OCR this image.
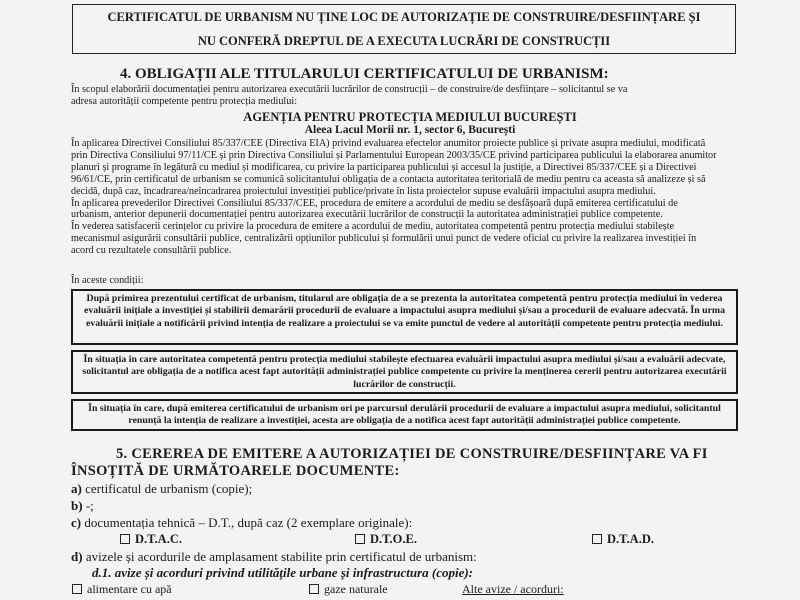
CERTIFICATUL DE URBANISM NU ȚINE LOC DE AUTORIZAȚIE DE CONSTRUIRE/DESFIINȚARE ȘI
NU CONFERĂ DREPTUL DE A EXECUTA LUCRĂRI DE CONSTRUCȚII
4. OBLIGAȚII ALE TITULARULUI CERTIFICATULUI DE URBANISM:
În scopul elaborării documentației pentru autorizarea executării lucrărilor de construcții – de construire/de desființare – solicitantul se va
adresa autorității competente pentru protecția mediului:
AGENȚIA PENTRU PROTECȚIA MEDIULUI BUCUREȘTI
Aleea Lacul Morii nr. 1, sector 6, București
În aplicarea Directivei Consiliului 85/337/CEE (Directiva EIA) privind evaluarea efectelor anumitor proiecte publice și private asupra mediului, modificată
prin Directiva Consiliului 97/11/CE și prin Directiva Consiliului și Parlamentului European 2003/35/CE privind participarea publicului la elaborarea anumitor
planuri și programe în legătură cu mediul și modificarea, cu privire la participarea publicului și accesul la justiție, a Directivei 85/337/CEE și a Directivei
96/61/CE, prin certificatul de urbanism se comunică solicitantului obligația de a contacta autoritatea teritorială de mediu pentru ca aceasta să analizeze și să
decidă, după caz, încadrarea/neîncadrarea proiectului investiției publice/private în lista proiectelor supuse evaluării impactului asupra mediului.
În aplicarea prevederilor Directivei Consiliului 85/337/CEE, procedura de emitere a acordului de mediu se desfășoară după emiterea certificatului de
urbanism, anterior depunerii documentației pentru autorizarea executării lucrărilor de construcții la autoritatea administrației publice competente.
În vederea satisfacerii cerințelor cu privire la procedura de emitere a acordului de mediu, autoritatea competentă pentru protecția mediului stabilește
mecanismul asigurării consultării publice, centralizării opțiunilor publicului și formulării unui punct de vedere oficial cu privire la realizarea investiției în
acord cu rezultatele consultării publice.
În aceste condiții:
După primirea prezentului certificat de urbanism, titularul are obligația de a se prezenta la autoritatea competentă pentru protecția mediului în vederea evaluării inițiale a investiției și stabilirii demarării procedurii de evaluare a impactului asupra mediului și/sau a procedurii de evaluare adecvată. În urma evaluării inițiale a notificării privind intenția de realizare a proiectului se va emite punctul de vedere al autorității competente pentru protecția mediului.
În situația în care autoritatea competentă pentru protecția mediului stabilește efectuarea evaluării impactului asupra mediului și/sau a evaluării adecvate, solicitantul are obligația de a notifica acest fapt autorității administrației publice competente cu privire la menținerea cererii pentru autorizarea executării lucrărilor de construcții.
În situația în care, după emiterea certificatului de urbanism ori pe parcursul derulării procedurii de evaluare a impactului asupra mediului, solicitantul renunță la intenția de realizare a investiției, acesta are obligația de a notifica acest fapt autorității administrației publice competente.
5. CEREREA DE EMITERE A AUTORIZAȚIEI DE CONSTRUIRE/DESFIINȚARE VA FI
ÎNSOȚITĂ DE URMĂTOARELE DOCUMENTE:
a) certificatul de urbanism (copie);
b) -;
c) documentația tehnică – D.T., după caz (2 exemplare originale):
D.T.A.C.	D.T.O.E.	D.T.A.D.
d) avizele și acordurile de amplasament stabilite prin certificatul de urbanism:
d.1. avize și acorduri privind utilitățile urbane și infrastructura (copie):
alimentare cu apă	gaze naturale	Alte avize / acorduri:
